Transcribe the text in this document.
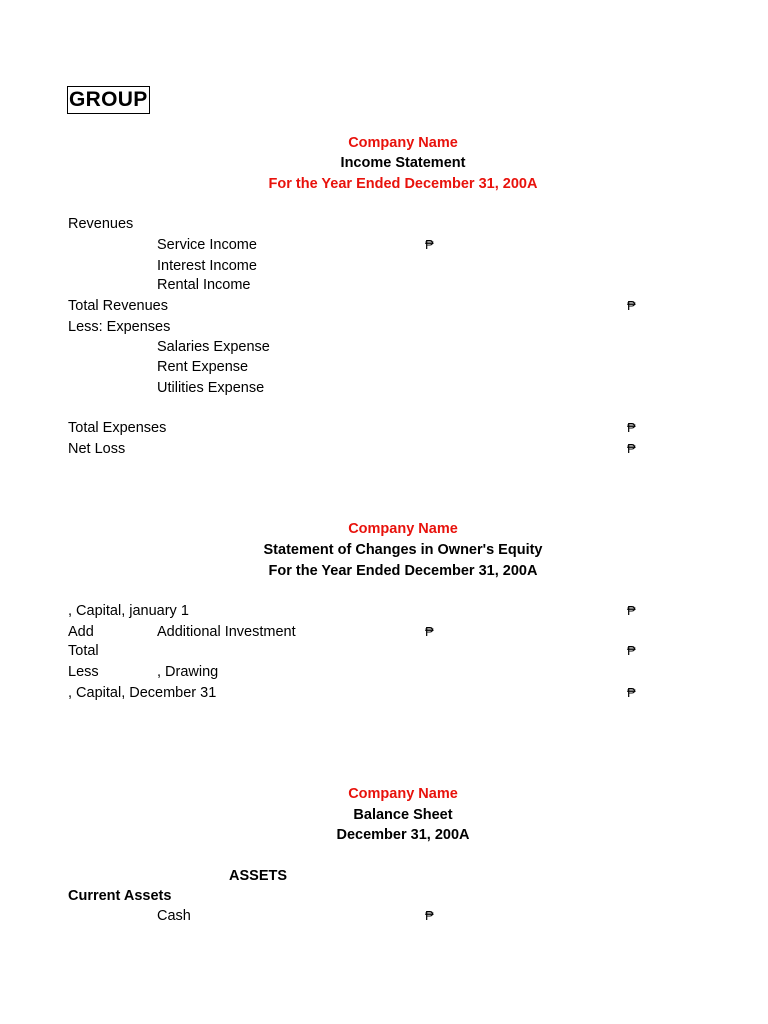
GROUP
Company Name
Income Statement
For the Year Ended December 31, 200A
Revenues
Service Income	₱
Interest Income
Rental Income
Total Revenues	₱
Less: Expenses
Salaries Expense
Rent Expense
Utilities Expense
Total Expenses	₱
Net Loss	₱
Company Name
Statement of Changes in Owner's Equity
For the Year Ended December 31, 200A
, Capital, january 1	₱
Add	Additional Investment	₱
Total	₱
Less	, Drawing
, Capital, December 31	₱
Company Name
Balance Sheet
December 31, 200A
ASSETS
Current Assets
Cash	₱
